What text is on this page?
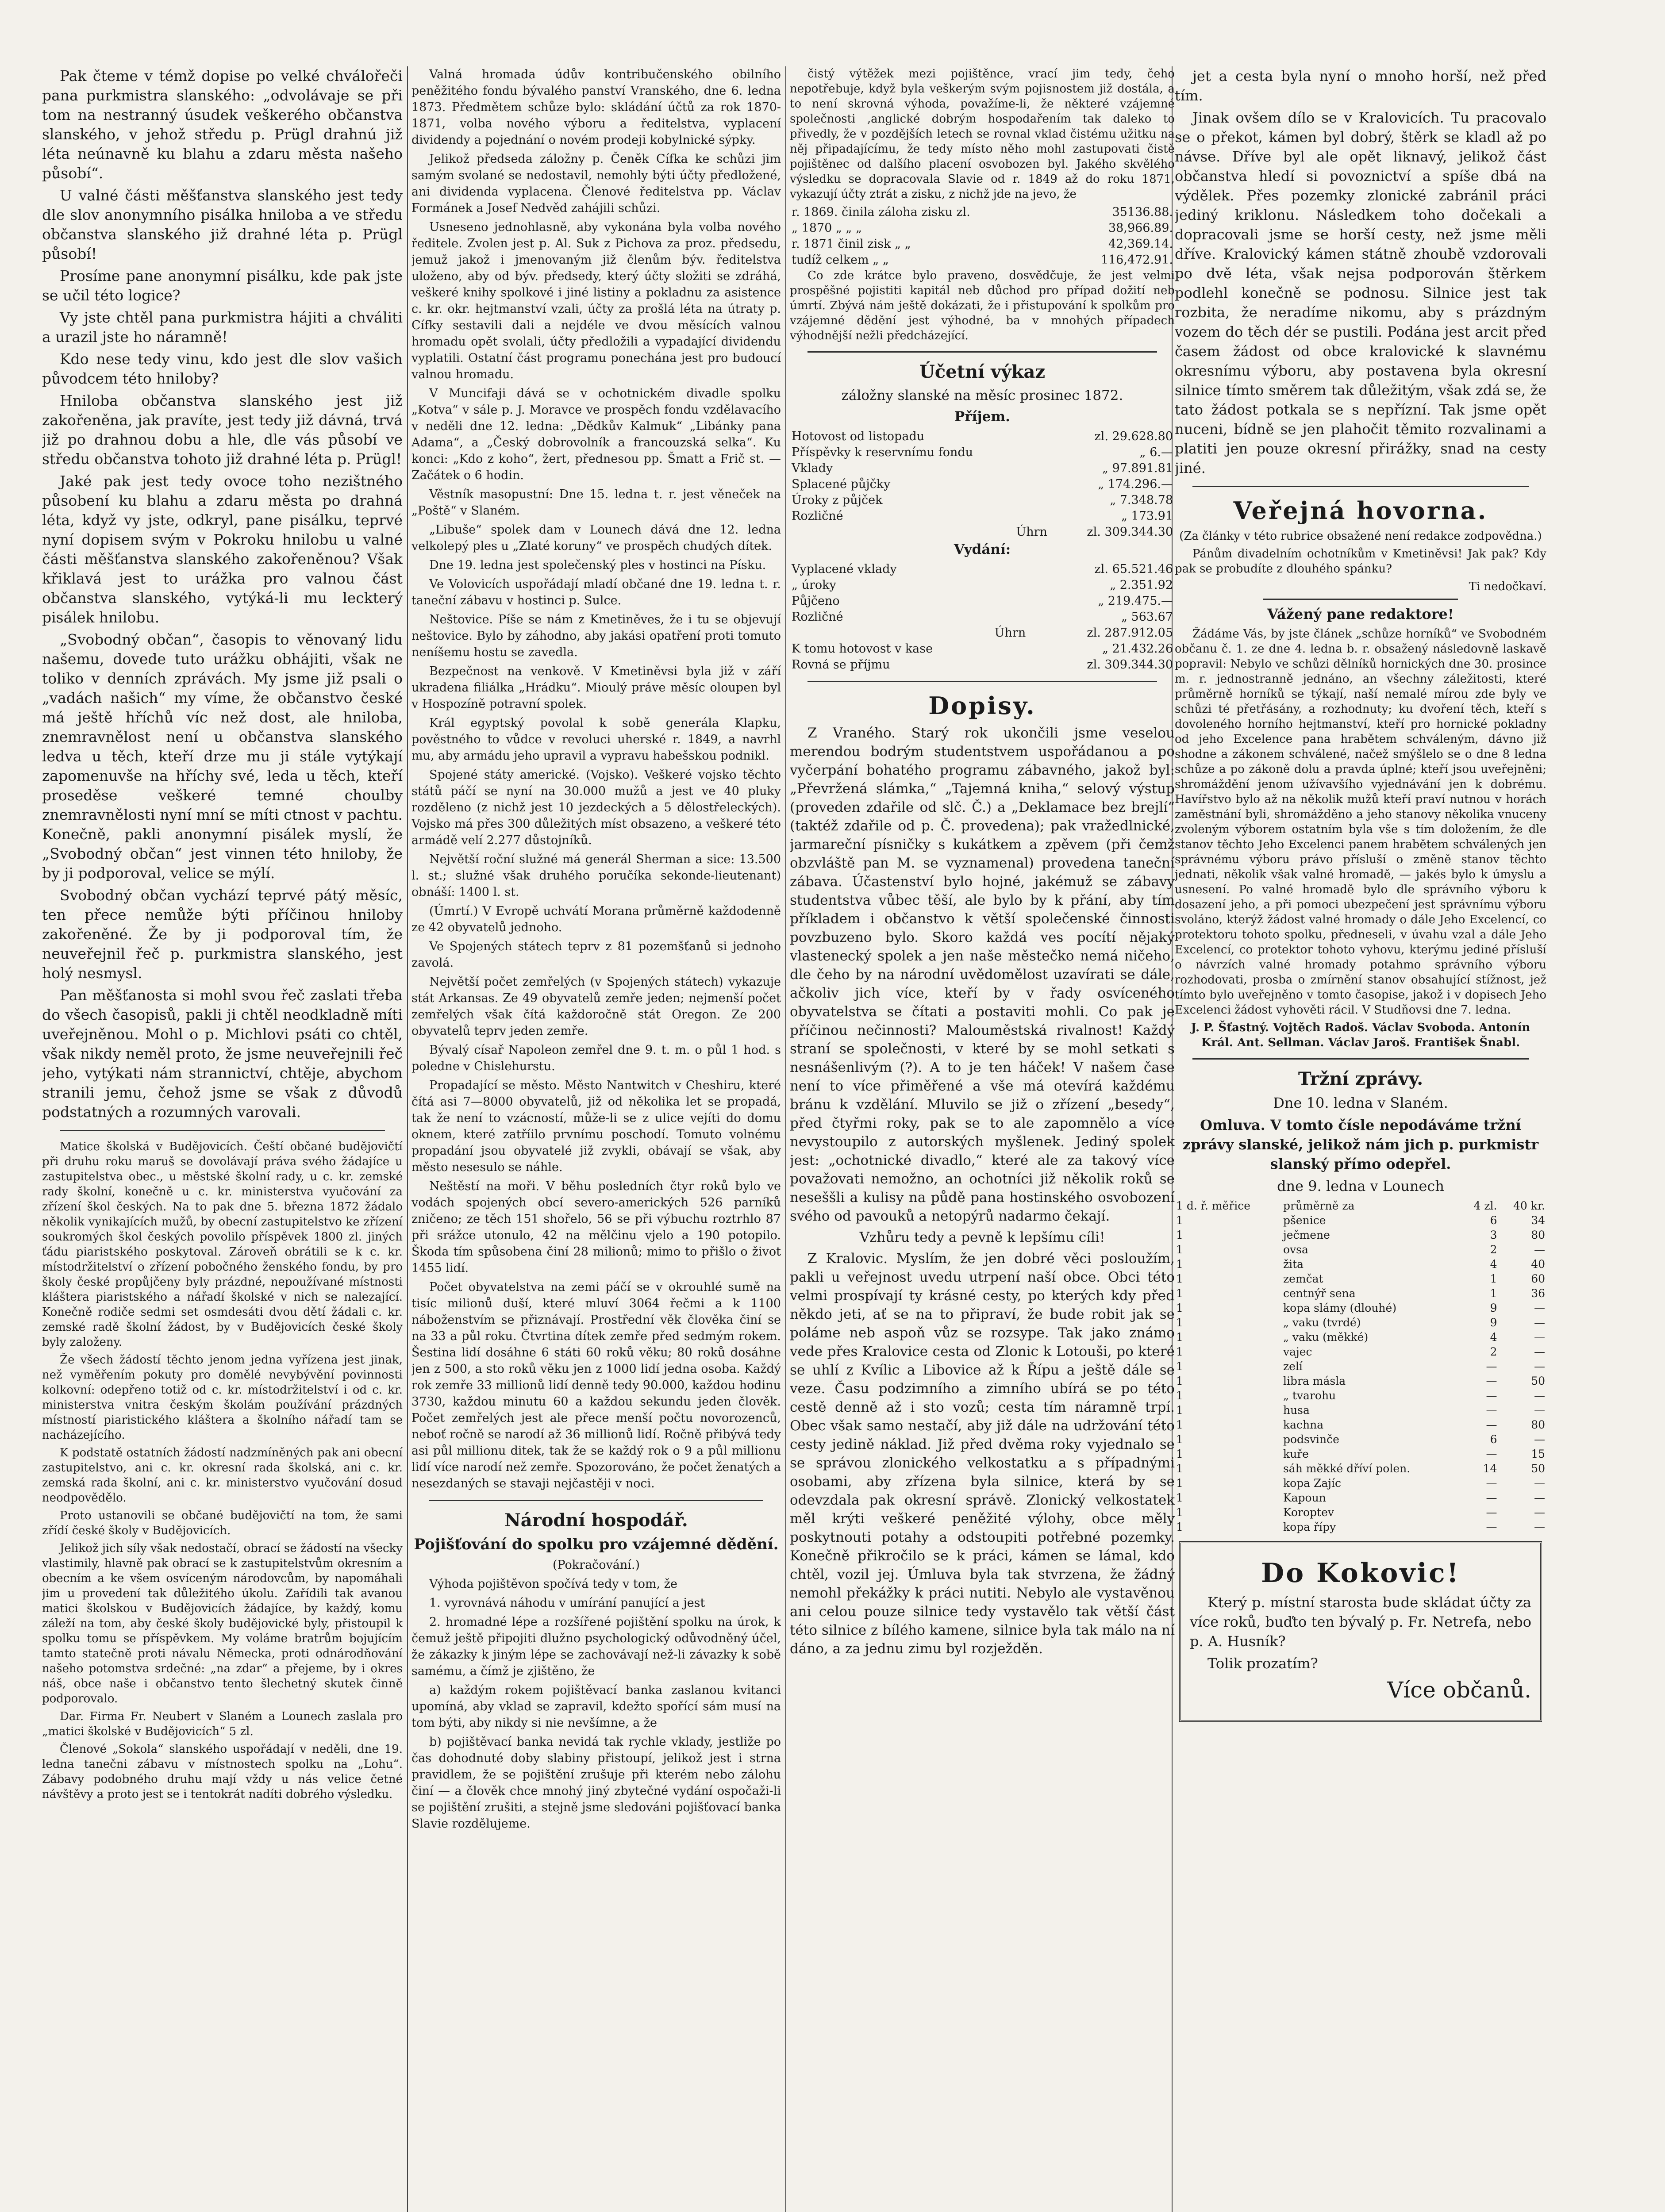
Pak čteme v témž dopise po velké chválořeči pana purkmistra slanského: „odvolávaje se při tom na nestranný úsudek veškerého občanstva slanského, v jehož středu p. Prügl drahnú již léta neúnavně ku blahu a zdaru města našeho působí“.

U valné části měšťanstva slanského jest tedy dle slov anonymního pisálka hniloba a ve středu občanstva slanského již drahné léta p. Prügl působí!

Prosíme pane anonymní pisálku, kde pak jste se učil této logice?

Vy jste chtěl pana purkmistra hájiti a chváliti a urazil jste ho náramně!

Kdo nese tedy vinu, kdo jest dle slov vašich původcem této hniloby?

Hniloba občanstva slanského jest již zakořeněna, jak pravíte, jest tedy již dávná, trvá již po drahnou dobu a hle, dle vás působí ve středu občanstva tohoto již drahné léta p. Prügl!

Jaké pak jest tedy ovoce toho nezištného působení ku blahu a zdaru města po drahná léta, když vy jste, odkryl, pane pisálku, teprvé nyní dopisem svým v Pokroku hnilobu u valné části měšťanstva slanského zakořeněnou? Však křiklavá jest to urážka pro valnou část občanstva slanského, vytýká-li mu leckterý pisálek hnilobu.

„Svobodný občan“, časopis to věnovaný lidu našemu, dovede tuto urážku obhájiti, však ne toliko v denních zprávách. My jsme již psali o „vadách našich“ my víme, že občanstvo české má ještě hříchů víc než dost, ale hniloba, znemravnělost není u občanstva slanského ledva u těch, kteří drze mu ji stále vytýkají zapomenuvše na hříchy své, leda u těch, kteří proseděse veškeré temné choulby znemravnělosti nyní mní se míti ctnost v pachtu. Konečně, pakli anonymní pisálek myslí, že „Svobodný občan“ jest vinnen této hniloby, že by ji podporoval, velice se mýlí.

Svobodný občan vychází teprvé pátý měsíc, ten přece nemůže býti příčinou hniloby zakořeněné. Že by ji podporoval tím, že neuveřejnil řeč p. purkmistra slanského, jest holý nesmysl.

Pan měšťanosta si mohl svou řeč zaslati třeba do všech časopisů, pakli ji chtěl neodkladně míti uveřejněnou. Mohl o p. Michlovi psáti co chtěl, však nikdy neměl proto, že jsme neuveřejnili řeč jeho, vytýkati nám strannictví, chtěje, abychom stranili jemu, čehož jsme se však z důvodů podstatných a rozumných varovali.

Matice školská v Budějovicích. Čeští občané budějovičtí při druhu roku maruš se dovolávají práva svého žádajíce u zastupitelstva obec., u městské školní rady, u c. kr. zemské rady školní, konečně u c. kr. ministerstva vyučování za zřízení škol českých. Na to pak dne 5. března 1872 žádalo několik vynikajících mužů, by obecní zastupitelstvo ke zřízení soukromých škol českých povolilo příspěvek 1800 zl. jiných ťádu piaristského poskytoval. Zároveň obrátili se k c. kr. místodržitelství o zřízení pobočného ženského fondu, by pro školy české propůjčeny byly prázdné, nepoužívané místnosti kláštera piaristského a nářadí školské v nich se nalezající. Konečně rodiče sedmi set osmdesáti dvou dětí žádali c. kr. zemské radě školní žádost, by v Budějovicích české školy byly založeny.

Že všech žádostí těchto jenom jedna vyřízena jest jinak, než vyměřením pokuty pro domělé nevybývění povinnosti kolkovní: odepřeno totiž od c. kr. místodržitelství i od c. kr. ministerstva vnitra českým školám používání prázdných místností piaristického kláštera a školního nářadí tam se nacházejícího.

K podstatě ostatních žádostí nadzmíněných pak ani obecní zastupitelstvo, ani c. kr. okresní rada školská, ani c. kr. zemská rada školní, ani c. kr. ministerstvo vyučování dosud neodpovědělo.

Proto ustanovili se občané budějovičtí na tom, že sami zřídí české školy v Budějovicích.

Jelikož jich síly však nedostačí, obrací se žádostí na všecky vlastimily, hlavně pak obrací se k zastupitelstvům okresním a obecním a ke všem osvíceným národovcům, by napomáhali jim u provedení tak důležitého úkolu. Zařídili tak avanou matici školskou v Budějovicích žádajíce, by každý, komu záleží na tom, aby české školy budějovické byly, přistoupil k spolku tomu se příspěvkem. My voláme bratrům bojujícím tamto statečně proti návalu Německa, proti odnárodňování našeho potomstva srdečné: „na zdar“ a přejeme, by i okres náš, obce naše i občanstvo tento šlechetný skutek činně podporovalo.

Dar. Firma Fr. Neubert v Slaném a Lounech zaslala pro „matici školské v Budějovicích“ 5 zl.

Členové „Sokola“ slanského uspořádají v neděli, dne 19. ledna tanečni zábavu v místnostech spolku na „Lohu“. Zábavy podobného druhu mají vždy u nás velice četné návštěvy a proto jest se i tentokrát nadíti dobrého výsledku.

Valná hromada údův kontribučenského obilního peněžitého fondu bývalého panství Vranského, dne 6. ledna 1873. Předmětem schůze bylo: skládání účtů za rok 1870-1871, volba nového výboru a ředitelstva, vyplacení dividendy a pojednání o novém prodeji kobylnické sýpky.

Jelikož předseda záložny p. Čeněk Cífka ke schůzi jim samým svolané se nedostavil, nemohly býti účty předložené, ani dividenda vyplacena. Členové ředitelstva pp. Václav Formánek a Josef Nedvěd zahájili schůzi.

Usneseno jednohlasně, aby vykonána byla volba nového ředitele. Zvolen jest p. Al. Suk z Pichova za proz. předsedu, jemuž jakož i jmenovaným již členům býv. ředitelstva uloženo, aby od býv. předsedy, který účty složiti se zdráhá, veškeré knihy spolkové i jiné listiny a pokladnu za asistence c. kr. okr. hejtmanství vzali, účty za prošlá léta na útraty p. Cífky sestavili dali a nejdéle ve dvou měsících valnou hromadu opět svolali, účty předložili a vypadající dividendu vyplatili. Ostatní část programu ponechána jest pro budoucí valnou hromadu.

V Muncifaji dává se v ochotnickém divadle spolku „Kotva“ v sále p. J. Moravce ve prospěch fondu vzdělavacího v neděli dne 12. ledna: „Dědkův Kalmuk“ „Libánky pana Adama“, a „Český dobrovolník a francouzská selka“. Ku konci: „Kdo z koho“, žert, přednesou pp. Šmatt a Frič st. — Začátek o 6 hodin.

Věstník masopustní: Dne 15. ledna t. r. jest věneček na „Poště“ v Slaném.

„Libuše“ spolek dam v Lounech dává dne 12. ledna velkolepý ples u „Zlaté koruny“ ve prospěch chudých dítek.

Dne 19. ledna jest společenský ples v hostinci na Písku.

Ve Volovicích uspořádají mladí občané dne 19. ledna t. r. taneční zábavu v hostinci p. Sulce.

Neštovice. Píše se nám z Kmetiněves, že i tu se objevují neštovice. Bylo by záhodno, aby jakási opatření proti tomuto neníšemu hostu se zavedla.

Bezpečnost na venkově. V Kmetiněvsi byla již v září ukradena filiálka „Hrádku“. Mioulý práve měsíc oloupen byl v Hospozíně potravní spolek.

Král egyptský povolal k sobě generála Klapku, pověstného to vůdce v revoluci uherské r. 1849, a navrhl mu, aby armádu jeho upravil a vypravu habešskou podnikl.

Spojené státy americké. (Vojsko). Veškeré vojsko těchto států páčí se nyní na 30.000 mužů a jest ve 40 pluky rozděleno (z nichž jest 10 jezdeckých a 5 dělostřeleckých). Vojsko má přes 300 důležitých míst obsazeno, a veškeré této armádě velí 2.277 důstojníků.

Největší roční služné má generál Sherman a sice: 13.500 l. st.; služné však druhého poručíka sekonde-lieutenant) obnáší: 1400 l. st.

(Úmrtí.) V Evropě uchvátí Morana průměrně každodenně ze 42 obyvatelů jednoho.

Ve Spojených státech teprv z 81 pozemšťanů si jednoho zavolá.

Největší počet zemřelých (v Spojených státech) vykazuje stát Arkansas. Ze 49 obyvatelů zemře jeden; nejmenší počet zemřelých však čítá každoročně stát Oregon. Ze 200 obyvatelů teprv jeden zemře.

Bývalý císař Napoleon zemřel dne 9. t. m. o půl 1 hod. s poledne v Chislehurstu.

Propadající se město. Město Nantwitch v Cheshiru, které čítá asi 7—8000 obyvatelů, již od několika let se propadá, tak že není to vzácností, může-li se z ulice vejíti do domu oknem, které zatříilo prvnímu poschodí. Tomuto volnému propadání jsou obyvatelé již zvykli, obávají se však, aby město nesesulo se náhle.

Neštěstí na moři. V běhu posledních čtyr roků bylo ve vodách spojených obcí severo-amerických 526 parníků zničeno; ze těch 151 shořelo, 56 se při výbuchu roztrhlo 87 při srážce utonulo, 42 na mělčinu vjelo a 190 potopilo. Škoda tím spůsobena činí 28 milionů; mimo to přišlo o život 1455 lidí.

Počet obyvatelstva na zemi páčí se v okrouhlé sumě na tisíc milionů duší, které mluví 3064 řečmi a k 1100 náboženstvím se přiznávají. Prostřední věk člověka činí se na 33 a půl roku. Čtvrtina dítek zemře před sedmým rokem. Šestina lidí dosáhne 6 státi 60 roků věku; 80 roků dosáhne jen z 500, a sto roků věku jen z 1000 lidí jedna osoba. Každý rok zemře 33 millionů lidí denně tedy 90.000, každou hodinu 3730, každou minutu 60 a každou sekundu jeden člověk. Počet zemřelých jest ale přece menší počtu novorozenců, neboť ročně se narodí až 36 millionů lidí. Ročně přibývá tedy asi půl millionu ditek, tak že se každý rok o 9 a půl millionu lidí více narodí než zemře. Spozorováno, že počet ženatých a nesezdaných se stavaji nejčastěji v noci.

Národní hospodář.

Pojišťování do spolku pro vzájemné dědění.

(Pokračování.)

Výhoda pojištěvon spočívá tedy v tom, že

1. vyrovnává náhodu v umírání panující a jest

2. hromadné lépe a rozšířené pojištění spolku na úrok, k čemuž ještě připojiti dlužno psychologický odůvodněný účel, že zákazky k jiným lépe se zachovávají než-li závazky k sobě samému, a čímž je zjištěno, že

a) každým rokem pojištěvací banka zaslanou kvitanci upomíná, aby vklad se zapravil, kdežto spořící sám musí na tom býti, aby nikdy si nie nevšímne, a že

b) pojištěvací banka nevidá tak rychle vklady, jestliže po čas dohodnuté doby slabiny přistoupí, jelikož jest i strna pravidlem, že se pojištění zrušuje při kterém nebo zálohu činí — a člověk chce mnohý jiný zbytečné vydání ospočaži-li se pojištění zrušiti, a stejně jsme sledováni pojišťovací banka Slavie rozdělujeme.

čistý výtěžek mezi pojištěnce, vrací jim tedy, čeho nepotřebuje, když byla veškerým svým pojisnostem již dostála, a to není skrovná výhoda, považíme-li, že některé vzájemné společnosti ,anglické dobrým hospodařením tak daleko to přivedly, že v pozdějších letech se rovnal vklad čistému užitku na něj připadajícímu, že tedy místo něho mohl zastupovati čistě pojištěnec od dalšího placení osvobozen byl. Jakého skvělého výsledku se dopracovala Slavie od r. 1849 až do roku 1871, vykazují účty ztrát a zisku, z nichž jde na jevo, že

r. 1869. činila záloha zisku zl.	35136.88.
„ 1870 „ „ „	38,966.89.
r. 1871 činil zisk „ „	42,369.14.
tudíž celkem „ „	116,472.91.

Co zde krátce bylo praveno, dosvědčuje, že jest velmi prospěšné pojistiti kapitál neb důchod pro případ dožití neb úmrtí. Zbývá nám ještě dokázati, že i přistupování k spolkům pro vzájemné dědění jest výhodné, ba v mnohých případech výhodnější nežli předcházející.

Účetní výkaz

záložny slanské na měsíc prosinec 1872.

Příjem.

Hotovost od listopadu	zl. 29.628.80
Příspěvky k reservnímu fondu	„ 6.—
Vklady	„ 97.891.81
Splacené půjčky	„ 174.296.—
Úroky z půjček	„ 7.348.78
Rozličné	„ 173.91
Úhrn	zl. 309.344.30

Vydání:

Vyplacené vklady	zl. 65.521.46
„ úroky	„ 2.351.92
Půjčeno	„ 219.475.—
Rozličné	„ 563.67
Úhrn	zl. 287.912.05
K tomu hotovost v kase	„ 21.432.26
Rovná se příjmu	zl. 309.344.30

Dopisy.

Z Vraného. Starý rok ukončili jsme veselou merendou bodrým studentstvem uspořádanou a po vyčerpání bohatého programu zábavného, jakož byl: „Převržená slámka,“ „Tajemná kniha,“ selový výstup (proveden zdařile od slč. Č.) a „Deklamace bez brejlí“ (taktéž zdařile od p. Č. provedena); pak vražedlnické, jarmareční písničky s kukátkem a zpěvem (při čemž obzvláště pan M. se vyznamenal) provedena taneční zábava. Účastenství bylo hojné, jakémuž se zábavy studentstva vůbec těší, ale bylo by k přání, aby tím příkladem i občanstvo k větší společenské činnosti povzbuzeno bylo. Skoro každá ves pocítí nějaký vlastenecký spolek a jen naše městečko nemá ničeho, dle čeho by na národní uvědomělost uzavírati se dále, ačkoliv jich více, kteří by v řady osvíceného obyvatelstva se čítati a postaviti mohli. Co pak je příčinou nečinnosti? Malouměstská rivalnost! Každý straní se společnosti, v které by se mohl setkati s nesnášenlivým (?). A to je ten háček! V našem čase není to více přiměřené a vše má otevírá každému bránu k vzdělání. Mluvilo se již o zřízení „besedy“, před čtyřmi roky, pak se to ale zapomnělo a více nevystoupilo z autorských myšlenek. Jediný spolek jest: „ochotnické divadlo,“ které ale za takový více považovati nemožno, an ochotníci již několik roků se neseššli a kulisy na půdě pana hostinského osvobození svého od pavouků a netopýrů nadarmo čekají.

Vzhůru tedy a pevně k lepšímu cíli!

Z Kralovic. Myslím, že jen dobré věci posloužím, pakli u veřejnost uvedu utrpení naší obce. Obci této velmi prospívají ty krásné cesty, po kterých kdy před někdo jeti, ať se na to připraví, že bude robit jak se poláme neb aspoň vůz se rozsype. Tak jako známo vede přes Kralovice cesta od Zlonic k Lotouši, po které se uhlí z Kvílic a Libovice až k Řípu a ještě dále se veze. Času podzimního a zimního ubírá se po této cestě denně až i sto vozů; cesta tím náramně trpí. Obec však samo nestačí, aby již dále na udržování této cesty jedině náklad. Již před dvěma roky vyjednalo se se správou zlonického velkostatku a s případnými osobami, aby zřízena byla silnice, která by se odevzdala pak okresní správě. Zlonický velkostatek měl krýti veškeré peněžité výlohy, obce měly poskytnouti potahy a odstoupiti potřebné pozemky. Konečně přikročilo se k práci, kámen se lámal, kdo chtěl, vozil jej. Úmluva byla tak stvrzena, že žádný nemohl překážky k práci nutiti. Nebylo ale vystavěnou ani celou pouze silnice tedy vystavělo tak větší část této silnice z bílého kamene, silnice byla tak málo na ní dáno, a za jednu zimu byl rozježděn.

jet a cesta byla nyní o mnoho horší, než před tím.

Jinak ovšem dílo se v Kralovicích. Tu pracovalo se o překot, kámen byl dobrý, štěrk se kladl až po návse. Dříve byl ale opět liknavý, jelikož část občanstva hledí si povoznictví a spíše dbá na výdělek. Přes pozemky zlonické zabránil práci jediný kriklonu. Následkem toho dočekali a dopracovali jsme se horší cesty, než jsme měli dříve. Kralovický kámen státně zhoubě vzdorovali po dvě léta, však nejsa podporován štěrkem podlehl konečně se podnosu. Silnice jest tak rozbita, že neradíme nikomu, aby s prázdným vozem do těch dér se pustili. Podána jest arcit před časem žádost od obce kralovické k slavnému okresnímu výboru, aby postavena byla okresní silnice tímto směrem tak důležitým, však zdá se, že tato žádost potkala se s nepřízní. Tak jsme opět nuceni, bídně se jen plahočit těmito rozvalinami a platiti jen pouze okresní přirážky, snad na cesty jiné.

Veřejná hovorna.

(Za články v této rubrice obsažené není redakce zodpovědna.)

Pánům divadelním ochotníkům v Kmetiněvsi! Jak pak? Kdy pak se probudíte z dlouhého spánku?

Ti nedočkaví.

Vážený pane redaktore!

Žádáme Vás, by jste článek „schůze horníků“ ve Svobodném občanu č. 1. ze dne 4. ledna b. r. obsažený následovně laskavě popravil: Nebylo ve schůzi dělníků hornických dne 30. prosince m. r. jednostranně jednáno, an všechny záležitosti, které průměrně horníků se týkají, naší nemalé mírou zde byly ve schůzi té přetřásány, a rozhodnuty; ku dvoření těch, kteří s dovoleného horního hejtmanství, kteří pro hornické pokladny od jeho Excelence pana hrabětem schváleným, dávno již shodne a zákonem schválené, načež smýšlelo se o dne 8 ledna schůze a po zákoně dolu a pravda úplné; kteří jsou uveřejněni; shromáždění jenom užívavšího vyjednávání jen k dobrému. Havířstvo bylo až na několik mužů kteří praví nutnou v horách zaměstnání byli, shromážděno a jeho stanovy několika vnuceny zvoleným výborem ostatním byla vše s tím doložením, že dle stanov těchto Jeho Excelenci panem hrabětem schválených jen správnému výboru právo přísluší o změně stanov těchto jednati, několik však valné hromadě, — jakés bylo k úmyslu a usnesení. Po valné hromadě bylo dle správního výboru k dosazení jeho, a při pomoci ubezpečení jest správnímu výboru svoláno, kterýž žádost valné hromady o dále Jeho Excelencí, co protektoru tohoto spolku, předneseli, v úvahu vzal a dále Jeho Excelencí, co protektor tohoto vyhovu, kterýmu jediné přísluší o návrzích valné hromady potahmo správního výboru rozhodovati, prosba o zmírnění stanov obsahující stížnost, jež tímto bylo uveřejněno v tomto časopise, jakož i v dopisech Jeho Excelenci žádost vyhověti rácil. V Studňovsi dne 7. ledna.

J. P. Šťastný. Vojtěch Radoš. Václav Svoboda. Antonín Král. Ant. Sellman. Václav Jaroš. František Šnabl.

Tržní zprávy.

Dne 10. ledna v Slaném.

Omluva. V tomto čísle nepodáváme tržní zprávy slanské, jelikož nám jich p. purkmistr slanský přímo odepřel.

dne 9. ledna v Lounech

1 d. ř. měřice	průměrně za	4 zl.	40 kr.
1	pšenice	6	34
1	ječmene	3	80
1	ovsa	2	—
1	žita	4	40
1	zemčat	1	60
1	centnýř sena	1	36
1	kopa slámy (dlouhé)	9	—
1	„ vaku (tvrdé)	9	—
1	„ vaku (měkké)	4	—
1	vajec	2	—
1	zelí	—	—
1	libra másla	—	50
1	„ tvarohu	—	—
1	husa	—	—
1	kachna	—	80
1	podsvinče	6	—
1	kuře	—	15
1	sáh měkké dříví polen.	14	50
1	kopa Zajíc	—	—
1	Kapoun	—	—
1	Koroptev	—	—
1	kopa řípy	—	—

Do Kokovic!

Který p. místní starosta bude skládat účty za více roků, buďto ten bývalý p. Fr. Netrefa, nebo p. A. Husník?

Tolik prozatím?

Více občanů.
